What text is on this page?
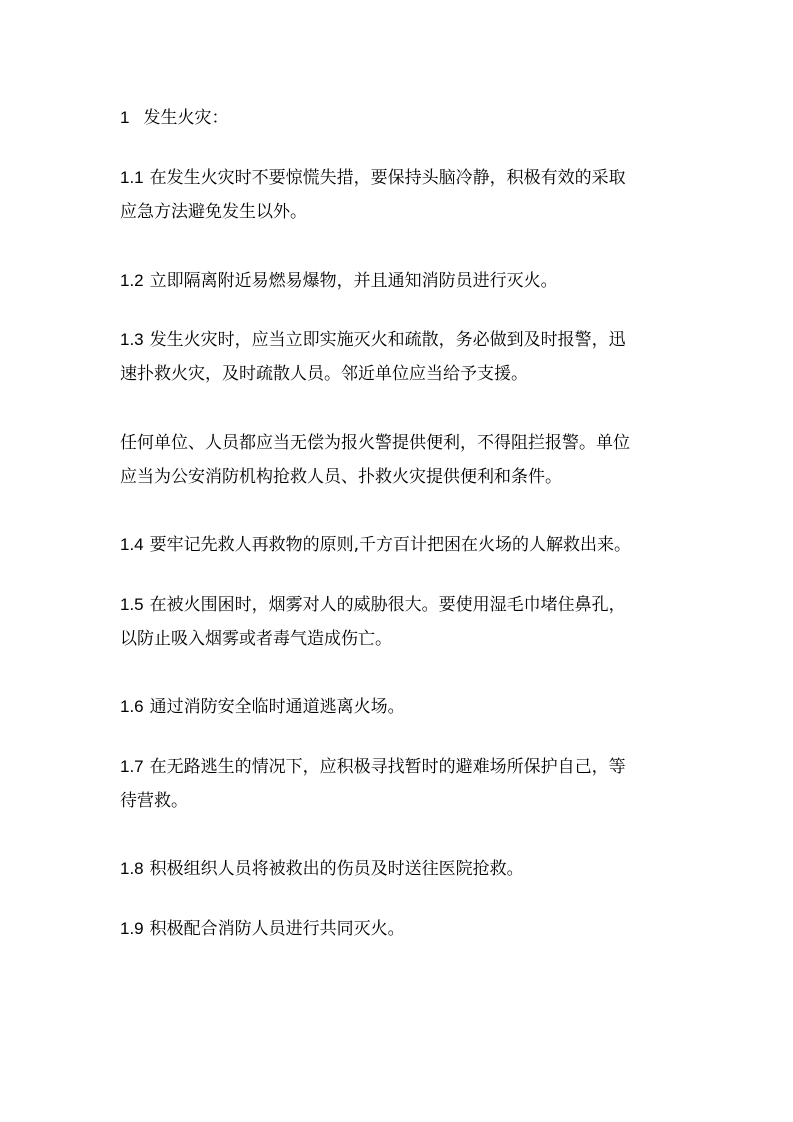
1 发生火灾：
1.1 在发生火灾时不要惊慌失措，要保持头脑冷静，积极有效的采取
应急方法避免发生以外。
1.2 立即隔离附近易燃易爆物，并且通知消防员进行灭火。
1.3 发生火灾时，应当立即实施灭火和疏散，务必做到及时报警，迅
速扑救火灾，及时疏散人员。邻近单位应当给予支援。
任何单位、人员都应当无偿为报火警提供便利，不得阻拦报警。单位
应当为公安消防机构抢救人员、扑救火灾提供便利和条件。
1.4 要牢记先救人再救物的原则,千方百计把困在火场的人解救出来。
1.5 在被火围困时，烟雾对人的威胁很大。要使用湿毛巾堵住鼻孔，
以防止吸入烟雾或者毒气造成伤亡。
1.6 通过消防安全临时通道逃离火场。
1.7 在无路逃生的情况下，应积极寻找暂时的避难场所保护自己，等
待营救。
1.8 积极组织人员将被救出的伤员及时送往医院抢救。
1.9 积极配合消防人员进行共同灭火。
